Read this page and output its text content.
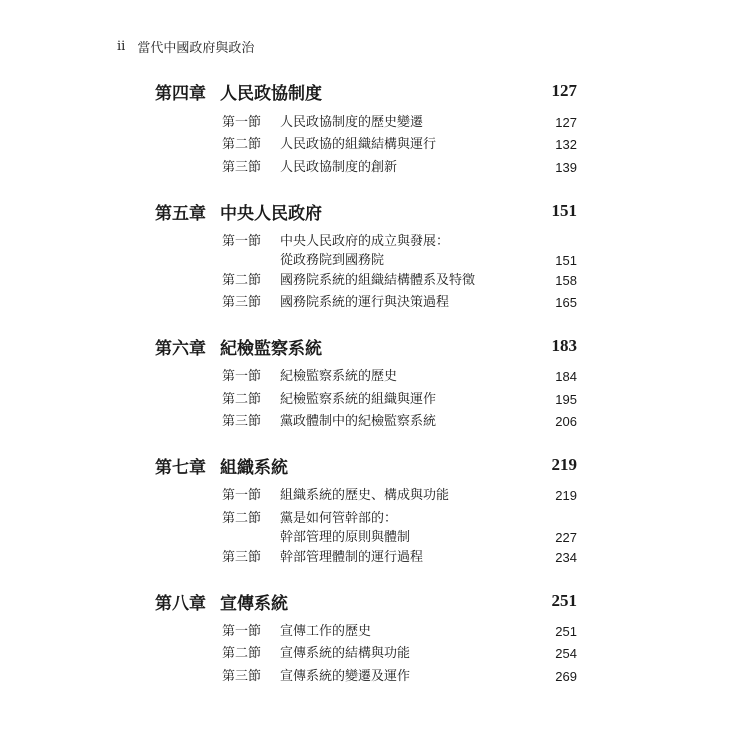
ii 當代中國政府與政治
第四章 人民政協制度	127
第一節	人民政協制度的歷史變遷	127
第二節	人民政協的組織結構與運行	132
第三節	人民政協制度的創新	139
第五章 中央人民政府	151
第一節	中央人民政府的成立與發展：
從政務院到國務院	151
第二節	國務院系統的組織結構體系及特徵	158
第三節	國務院系統的運行與決策過程	165
第六章 紀檢監察系統	183
第一節	紀檢監察系統的歷史	184
第二節	紀檢監察系統的組織與運作	195
第三節	黨政體制中的紀檢監察系統	206
第七章 組織系統	219
第一節	組織系統的歷史、構成與功能	219
第二節	黨是如何管幹部的：
幹部管理的原則與體制	227
第三節	幹部管理體制的運行過程	234
第八章 宣傳系統	251
第一節	宣傳工作的歷史	251
第二節	宣傳系統的結構與功能	254
第三節	宣傳系統的變遷及運作	269
